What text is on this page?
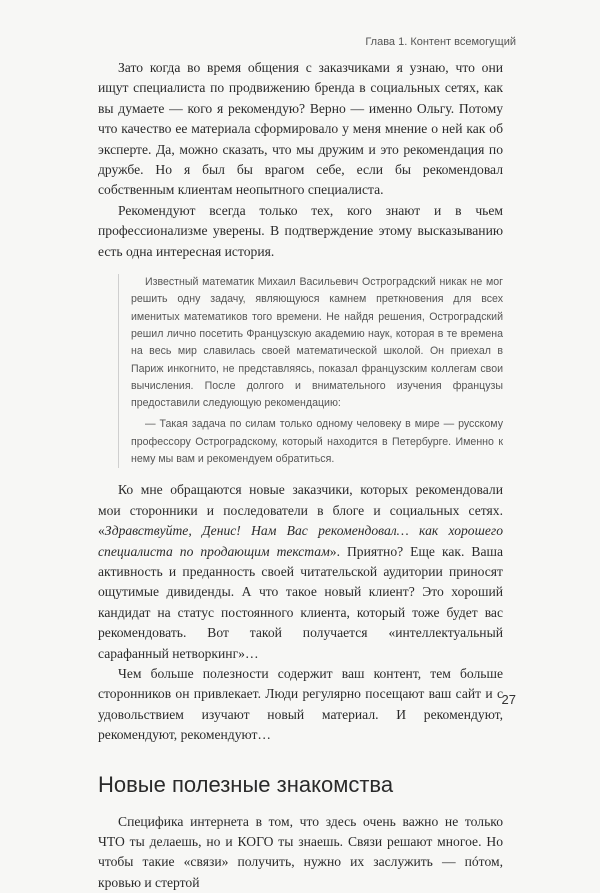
Глава 1. Контент всемогущий

Зато когда во время общения с заказчиками я узнаю, что они ищут специалиста по продвижению бренда в социальных сетях, как вы думаете — кого я рекомендую? Верно — именно Ольгу. Потому что качество ее материала сформировало у меня мнение о ней как об эксперте. Да, можно сказать, что мы дружим и это рекомендация по дружбе. Но я был бы врагом себе, если бы рекомендовал собственным клиентам неопытного специалиста.

Рекомендуют всегда только тех, кого знают и в чьем профессионализме уверены. В подтверждение этому высказыванию есть одна интересная история.

Известный математик Михаил Васильевич Остроградский никак не мог решить одну задачу, являющуюся камнем преткновения для всех именитых математиков того времени. Не найдя решения, Остроградский решил лично посетить Французскую академию наук, которая в те времена на весь мир славилась своей математической школой. Он приехал в Париж инкогнито, не представляясь, показал французским коллегам свои вычисления. После долгого и внимательного изучения французы предоставили следующую рекомендацию:

— Такая задача по силам только одному человеку в мире — русскому профессору Остроградскому, который находится в Петербурге. Именно к нему мы вам и рекомендуем обратиться.

Ко мне обращаются новые заказчики, которых рекомендовали мои сторонники и последователи в блоге и социальных сетях. «Здравствуйте, Денис! Нам Вас рекомендовал… как хорошего специалиста по продающим текстам». Приятно? Еще как. Ваша активность и преданность своей читательской аудитории приносят ощутимые дивиденды. А что такое новый клиент? Это хороший кандидат на статус постоянного клиента, который тоже будет вас рекомендовать. Вот такой получается «интеллектуальный сарафанный нетворкинг»…

Чем больше полезности содержит ваш контент, тем больше сторонников он привлекает. Люди регулярно посещают ваш сайт и с удовольствием изучают новый материал. И рекомендуют, рекомендуют, рекомендуют…

Новые полезные знакомства

Специфика интернета в том, что здесь очень важно не только ЧТО ты делаешь, но и КОГО ты знаешь. Связи решают многое. Но чтобы такие «связи» получить, нужно их заслужить — пóтом, кровью и стертой

27
